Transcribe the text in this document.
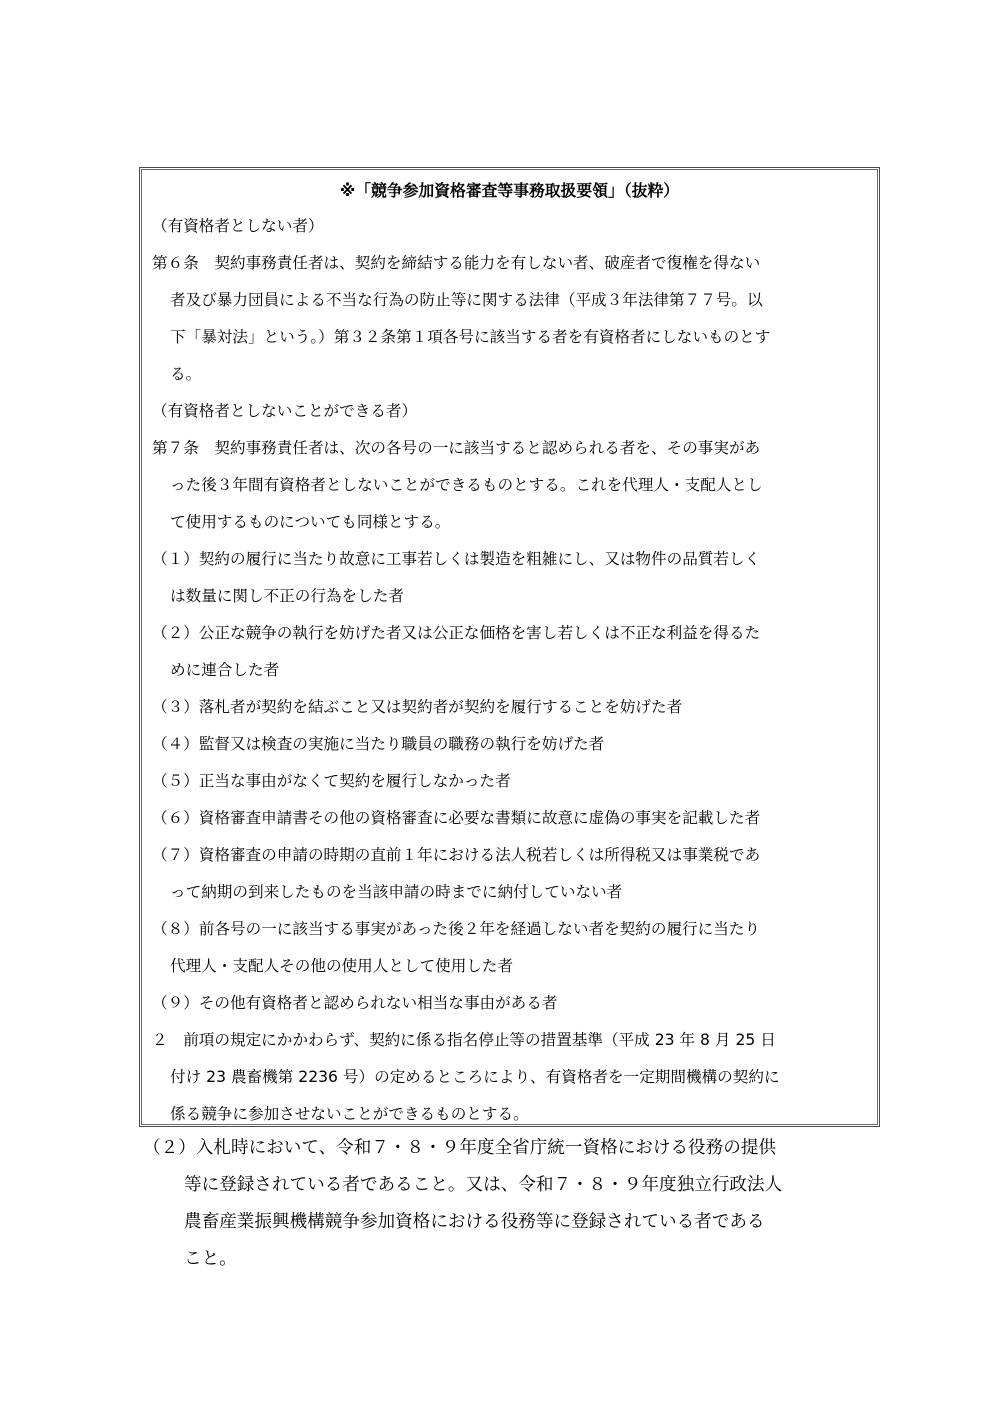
※「競争参加資格審査等事務取扱要領」（抜粋）
（有資格者としない者）
第６条　契約事務責任者は、契約を締結する能力を有しない者、破産者で復権を得ない
者及び暴力団員による不当な行為の防止等に関する法律（平成３年法律第７７号。以
下「暴対法」という。）第３２条第１項各号に該当する者を有資格者にしないものとす
る。
（有資格者としないことができる者）
第７条　契約事務責任者は、次の各号の一に該当すると認められる者を、その事実があ
った後３年間有資格者としないことができるものとする。これを代理人・支配人とし
て使用するものについても同様とする。
（１）契約の履行に当たり故意に工事若しくは製造を粗雑にし、又は物件の品質若しく
は数量に関し不正の行為をした者
（２）公正な競争の執行を妨げた者又は公正な価格を害し若しくは不正な利益を得るた
めに連合した者
（３）落札者が契約を結ぶこと又は契約者が契約を履行することを妨げた者
（４）監督又は検査の実施に当たり職員の職務の執行を妨げた者
（５）正当な事由がなくて契約を履行しなかった者
（６）資格審査申請書その他の資格審査に必要な書類に故意に虚偽の事実を記載した者
（７）資格審査の申請の時期の直前１年における法人税若しくは所得税又は事業税であ
って納期の到来したものを当該申請の時までに納付していない者
（８）前各号の一に該当する事実があった後２年を経過しない者を契約の履行に当たり
代理人・支配人その他の使用人として使用した者
（９）その他有資格者と認められない相当な事由がある者
２　前項の規定にかかわらず、契約に係る指名停止等の措置基準（平成 23 年 8 月 25 日
付け 23 農畜機第 2236 号）の定めるところにより、有資格者を一定期間機構の契約に
係る競争に参加させないことができるものとする。
（２）入札時において、令和７・８・９年度全省庁統一資格における役務の提供
等に登録されている者であること。又は、令和７・８・９年度独立行政法人
農畜産業振興機構競争参加資格における役務等に登録されている者である
こと。
